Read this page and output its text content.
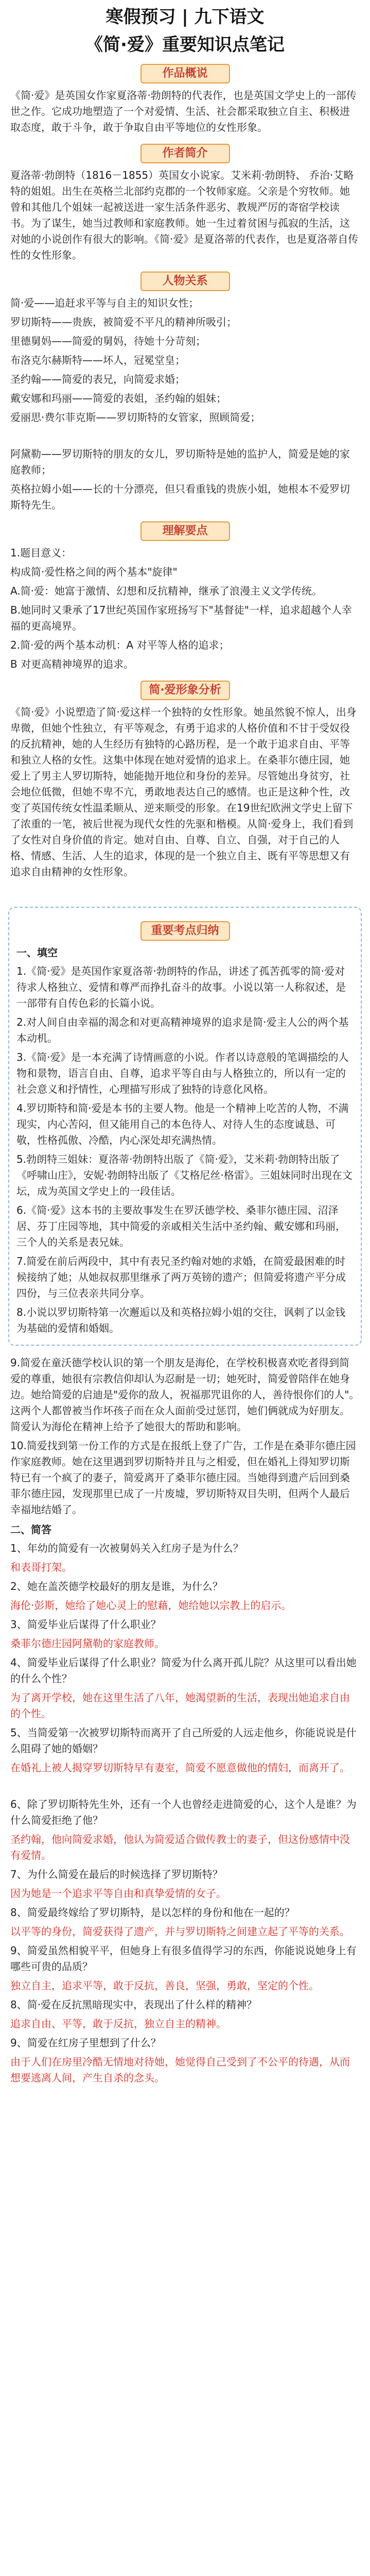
寒假预习 | 九下语文
《简·爱》重要知识点笔记
作品概说

《简·爱》是英国女作家夏洛蒂·勃朗特的代表作，也是英国文学史上的一部传世之作。它成功地塑造了一个对爱情、生活、社会都采取独立自主、积极进取态度，敢于斗争，敢于争取自由平等地位的女性形象。

作者简介

夏洛蒂·勃朗特（1816－1855）英国女小说家。艾米莉·勃朗特、 乔治·艾略特的姐姐。出生在英格兰北部约克郡的一个牧师家庭。父亲是个穷牧师。她曾和其他几个姐妹一起被送进一家生活条件恶劣、教规严厉的寄宿学校读书。为了谋生，她当过教师和家庭教师。她一生过着贫困与孤寂的生活，这对她的小说创作有很大的影响。《简·爱》是夏洛蒂的代表作，也是夏洛蒂自传性的女性形象。

人物关系

简·爱——追赶求平等与自主的知识女性；

罗切斯特——贵族，被简爱不平凡的精神所吸引；

里德舅妈——简爱的舅妈，待她十分苛刻；

布洛克尔赫斯特——坏人，冠冕堂皇；

圣约翰——简爱的表兄，向简爱求婚；

戴安娜和玛丽——简爱的表姐，圣约翰的姐妹；

爱丽思·费尔菲克斯——罗切斯特的女管家，照顾简爱；

阿黛勒——罗切斯特的朋友的女儿，罗切斯特是她的监护人，简爱是她的家庭教师；

英格拉姆小姐——长的十分漂亮，但只看重钱的贵族小姐，她根本不爱罗切斯特先生。

理解要点

1.题目意义：

构成简·爱性格之间的两个基本"旋律"

A.简·爱：她富于激情、幻想和反抗精神，继承了浪漫主义文学传统。

B.她同时又秉承了17世纪英国作家班扬写下"基督徒"一样，追求超越个人幸福的更高境界。

2.简·爱的两个基本动机：A 对平等人格的追求；

B 对更高精神境界的追求。

简·爱形象分析

《简·爱》小说塑造了简·爱这样一个独特的女性形象。她虽然貌不惊人，出身卑微，但她个性独立，有平等观念，有勇于追求的人格价值和不甘于受奴役的反抗精神，她的人生经历有独特的心路历程，是一个敢于追求自由、平等和独立人格的女性。这集中体现在她对爱情的追求上。在桑菲尔德庄园，她爱上了男主人罗切斯特，她能抛开地位和身份的差异。尽管她出身贫穷，社会地位低微，但她不卑不亢，勇敢地表达自己的感情。也正是这种个性，改变了英国传统女性温柔顺从、逆来顺受的形象。在19世纪欧洲文学史上留下了浓重的一笔，被后世视为现代女性的先驱和楷模。从简·爱身上，我们看到了女性对自身价值的肯定。她对自由、自尊、自立、自强，对于自己的人格、情感、生活、人生的追求，体现的是一个独立自主、既有平等思想又有追求自由精神的女性形象。

重要考点归纳
一、填空

1.《简·爱》是英国作家夏洛蒂·勃朗特的作品，讲述了孤苦孤零的简·爱对待求人格独立、爱情和尊严而挣扎奋斗的故事。小说以第一人称叙述，是一部带有自传色彩的长篇小说。

2.对人间自由幸福的渴念和对更高精神境界的追求是简·爱主人公的两个基本动机。

3.《简·爱》是一本充满了诗情画意的小说。作者以诗意般的笔调描绘的人物和景物，语言自由、自尊，追求平等自由与人格独立的，所以有一定的社会意义和抒情性，心理描写形成了独特的诗意化风格。

4.罗切斯特和简·爱是本书的主要人物。他是一个精神上吃苦的人物，不满现实，内心苦闷，但又能用自己的本色待人、对待人生的态度诚恳、可敬，性格孤傲、冷酷，内心深处却充满热情。

5.勃朗特三姐妹：夏洛蒂·勃朗特出版了《简·爱》，艾米莉·勃朗特出版了《呼啸山庄》，安妮·勃朗特出版了《艾格尼丝·格雷》。三姐妹同时出现在文坛，成为英国文学史上的一段佳话。

6.《简·爱》这本书的主要故事发生在罗沃德学校、桑菲尔德庄园、沼泽居、芬丁庄园等地，其中简爱的亲戚相关生活中圣约翰、戴安娜和玛丽，三个人的关系是表兄妹。

7.简爱在前后两段中，其中有表兄圣约翰对她的求婚，在简爱最困难的时候接纳了她；从她叔叔那里继承了两万英镑的遗产；但简爱将遗产平分成四份，与三位表亲共同分享。

8.小说以罗切斯特第一次邂逅以及和英格拉姆小姐的交往，讽刺了以金钱为基础的爱情和婚姻。

9.简爱在童沃德学校认识的第一个朋友是海伦，在学校积极喜欢吃者得到简爱的尊重，她很有宗教信仰却认为忍耐是一切；她死时，简爱曾陪伴在她身边。她给简爱的启迪是"爱你的敌人，祝福那咒诅你的人，善待恨你们的人"。这两个人都曾被当作坏孩子而在众人面前受过惩罚，她们俩就成为好朋友。简爱认为海伦在精神上给予了她很大的帮助和影响。

10.简爱找到第一份工作的方式是在报纸上登了广告，工作是在桑菲尔德庄园作家庭教师。她在这里遇到罗切斯特并且与之相爱，但在婚礼上得知罗切斯特已有一个疯了的妻子，简爱离开了桑菲尔德庄园。当她得到遗产后回到桑菲尔德庄园，发现那里已成了一片废墟，罗切斯特双目失明，但两个人最后幸福地结婚了。

二、简答

1、年幼的简爱有一次被舅妈关入红房子是为什么？

和表哥打架。

2、她在盖茨德学校最好的朋友是谁，为什么？

海伦·彭斯，她给了她心灵上的慰藉，她给她以宗教上的启示。

3、简爱毕业后谋得了什么职业？

桑菲尔德庄园阿黛勒的家庭教师。

4、简爱毕业后谋得了什么职业？简爱为什么离开孤儿院？从这里可以看出她的什么个性？

为了离开学校，她在这里生活了八年，她渴望新的生活，表现出她追求自由的个性。

5、当简爱第一次被罗切斯特而离开了自己所爱的人远走他乡，你能说说是什么阻碍了她的婚姻？

在婚礼上被人揭穿罗切斯特早有妻室，简爱不愿意做他的情妇，而离开了。

6、除了罗切斯特先生外，还有一个人也曾经走进简爱的心，这个人是谁？为什么简爱拒绝了他？

圣约翰，他向简爱求婚，他认为简爱适合做传教士的妻子，但这份感情中没有爱情。

7、为什么简爱在最后的时候选择了罗切斯特？

因为她是一个追求平等自由和真挚爱情的女子。

8、简爱最终嫁给了罗切斯特，是以怎样的身份和他在一起的？

以平等的身份，简爱获得了遗产，并与罗切斯特之间建立起了平等的关系。

9、简爱虽然相貌平平，但她身上有很多值得学习的东西，你能说说她身上有哪些可贵的品质？

独立自主，追求平等，敢于反抗，善良，坚强，勇敢，坚定的个性。

8、简·爱在反抗黑暗现实中，表现出了什么样的精神？

追求自由、平等，敢于反抗，独立自主的精神。

9、简爱在红房子里想到了什么？

由于人们在房里冷酷无情地对待她，她觉得自己受到了不公平的待遇，从而想要逃离人间，产生自杀的念头。
